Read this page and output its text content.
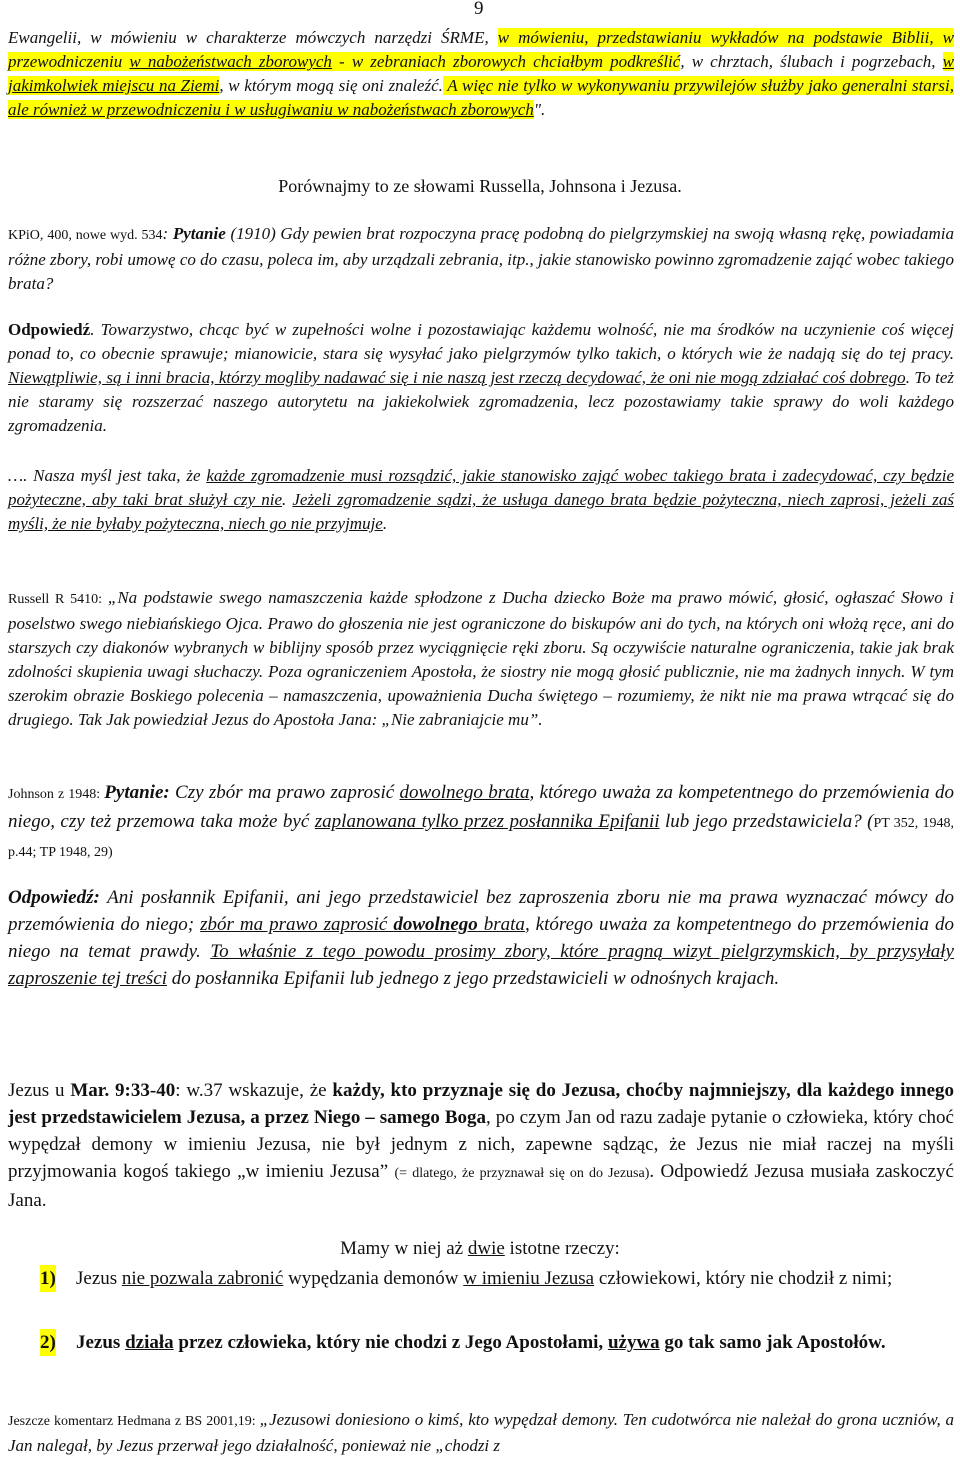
9

Ewangelii, w mówieniu w charakterze mówczych narzędzi ŚRME, w mówieniu, przedstawianiu wykładów na podstawie Biblii, w przewodniczeniu w nabożeństwach zborowych - w zebraniach zborowych chciałbym podkreślić, w chrztach, ślubach i pogrzebach, w jakimkolwiek miejscu na Ziemi, w którym mogą się oni znaleźć. A więc nie tylko w wykonywaniu przywilejów służby jako generalni starsi, ale również w przewodniczeniu i w usługiwaniu w nabożeństwach zborowych".

Porównajmy to ze słowami Russella, Johnsona i Jezusa.

KPiO, 400, nowe wyd. 534: Pytanie (1910) Gdy pewien brat rozpoczyna pracę podobną do pielgrzymskiej na swoją własną rękę, powiadamia różne zbory, robi umowę co do czasu, poleca im, aby urządzali zebrania, itp., jakie stanowisko powinno zgromadzenie zająć wobec takiego brata?

Odpowiedź. Towarzystwo, chcąc być w zupełności wolne i pozostawiając każdemu wolność, nie ma środków na uczynienie coś więcej ponad to, co obecnie sprawuje; mianowicie, stara się wysyłać jako pielgrzymów tylko takich, o których wie że nadają się do tej pracy. Niewątpliwie, są i inni bracia, którzy mogliby nadawać się i nie naszą jest rzeczą decydować, że oni nie mogą zdziałać coś dobrego. To też nie staramy się rozszerzać naszego autorytetu na jakiekolwiek zgromadzenia, lecz pozostawiamy takie sprawy do woli każdego zgromadzenia.

…. Nasza myśl jest taka, że każde zgromadzenie musi rozsądzić, jakie stanowisko zająć wobec takiego brata i zadecydować, czy będzie pożyteczne, aby taki brat służył czy nie. Jeżeli zgromadzenie sądzi, że usługa danego brata będzie pożyteczna, niech zaprosi, jeżeli zaś myśli, że nie byłaby pożyteczna, niech go nie przyjmuje.

Russell R 5410: „Na podstawie swego namaszczenia każde spłodzone z Ducha dziecko Boże ma prawo mówić, głosić, ogłaszać Słowo i poselstwo swego niebiańskiego Ojca. Prawo do głoszenia nie jest ograniczone do biskupów ani do tych, na których oni włożą ręce, ani do starszych czy diakonów wybranych w biblijny sposób przez wyciągnięcie ręki zboru. Są oczywiście naturalne ograniczenia, takie jak brak zdolności skupienia uwagi słuchaczy. Poza ograniczeniem Apostoła, że siostry nie mogą głosić publicznie, nie ma żadnych innych. W tym szerokim obrazie Boskiego polecenia – namaszczenia, upoważnienia Ducha świętego – rozumiemy, że nikt nie ma prawa wtrącać się do drugiego. Tak Jak powiedział Jezus do Apostoła Jana: „Nie zabraniajcie mu”.

Johnson z 1948: Pytanie: Czy zbór ma prawo zaprosić dowolnego brata, którego uważa za kompetentnego do przemówienia do niego, czy też przemowa taka może być zaplanowana tylko przez posłannika Epifanii lub jego przedstawiciela? (PT 352, 1948, p.44; TP 1948, 29)

Odpowiedź: Ani posłannik Epifanii, ani jego przedstawiciel bez zaproszenia zboru nie ma prawa wyznaczać mówcy do przemówienia do niego; zbór ma prawo zaprosić dowolnego brata, którego uważa za kompetentnego do przemówienia do niego na temat prawdy. To właśnie z tego powodu prosimy zbory, które pragną wizyt pielgrzymskich, by przysyłały zaproszenie tej treści do posłannika Epifanii lub jednego z jego przedstawicieli w odnośnych krajach.

Jezus u Mar. 9:33-40: w.37 wskazuje, że każdy, kto przyznaje się do Jezusa, choćby najmniejszy, dla każdego innego jest przedstawicielem Jezusa, a przez Niego – samego Boga, po czym Jan od razu zadaje pytanie o człowieka, który choć wypędzał demony w imieniu Jezusa, nie był jednym z nich, zapewne sądząc, że Jezus nie miał raczej na myśli przyjmowania kogoś takiego „w imieniu Jezusa” (= dlatego, że przyznawał się on do Jezusa). Odpowiedź Jezusa musiała zaskoczyć Jana.

Mamy w niej aż dwie istotne rzeczy:
1) Jezus nie pozwala zabronić wypędzania demonów w imieniu Jezusa człowiekowi, który nie chodził z nimi;
2) Jezus działa przez człowieka, który nie chodzi z Jego Apostołami, używa go tak samo jak Apostołów.

Jeszcze komentarz Hedmana z BS 2001,19: „Jezusowi doniesiono o kimś, kto wypędzał demony. Ten cudotwórca nie należał do grona uczniów, a Jan nalegał, by Jezus przerwał jego działalność, ponieważ nie „chodzi z
